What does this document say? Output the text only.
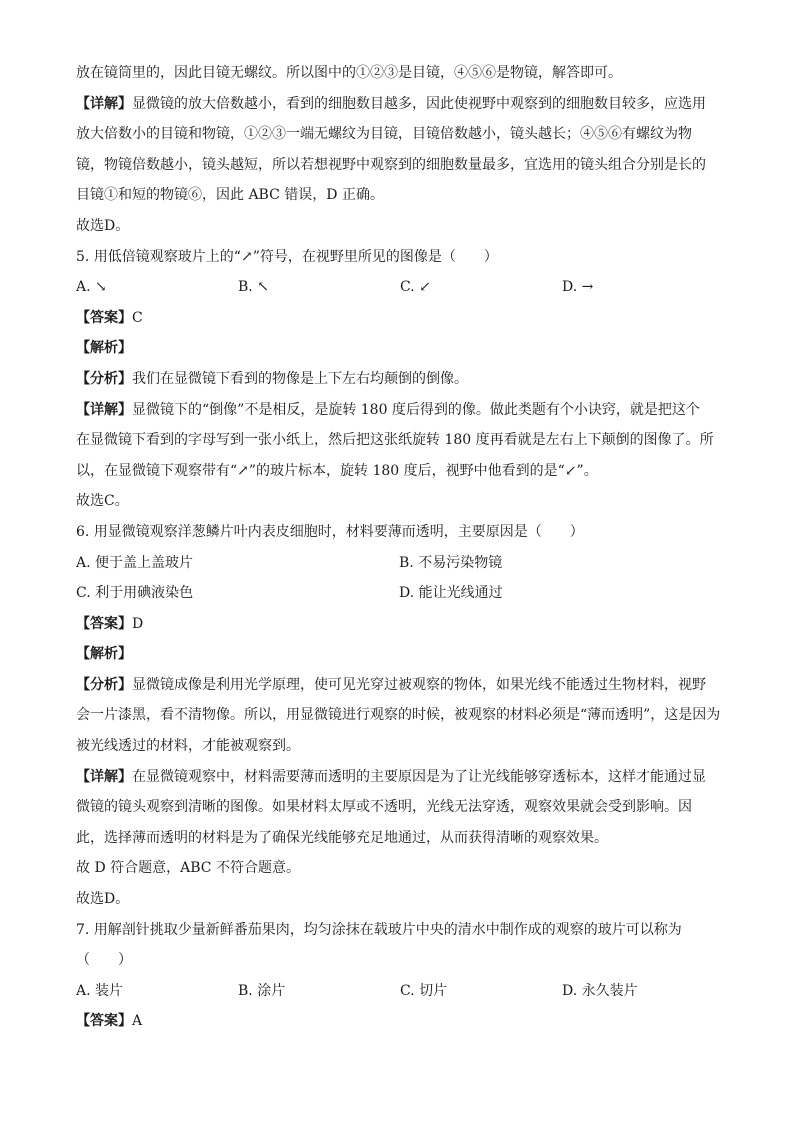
放在镜筒里的，因此目镜无螺纹。所以图中的①②③是目镜，④⑤⑥是物镜，解答即可。
【详解】显微镜的放大倍数越小，看到的细胞数目越多，因此使视野中观察到的细胞数目较多，应选用
放大倍数小的目镜和物镜，①②③一端无螺纹为目镜，目镜倍数越小，镜头越长；④⑤⑥有螺纹为物
镜，物镜倍数越小，镜头越短，所以若想视野中观察到的细胞数量最多，宜选用的镜头组合分别是长的
目镜①和短的物镜⑥，因此 ABC 错误，D 正确。
故选D。
5. 用低倍镜观察玻片上的“↗”符号，在视野里所见的图像是（　　）
A. ↘	B. ↖	C. ↙	D. →
【答案】C
【解析】
【分析】我们在显微镜下看到的物像是上下左右均颠倒的倒像。
【详解】显微镜下的“倒像”不是相反，是旋转 180 度后得到的像。做此类题有个小诀窍，就是把这个
在显微镜下看到的字母写到一张小纸上，然后把这张纸旋转 180 度再看就是左右上下颠倒的图像了。所
以，在显微镜下观察带有“↗”的玻片标本，旋转 180 度后，视野中他看到的是“↙”。
故选C。
6. 用显微镜观察洋葱鳞片叶内表皮细胞时，材料要薄而透明，主要原因是（　　）
A. 便于盖上盖玻片	B. 不易污染物镜
C. 利于用碘液染色	D. 能让光线通过
【答案】D
【解析】
【分析】显微镜成像是利用光学原理，使可见光穿过被观察的物体，如果光线不能透过生物材料，视野
会一片漆黑，看不清物像。所以，用显微镜进行观察的时候，被观察的材料必须是“薄而透明”，这是因为
被光线透过的材料，才能被观察到。
【详解】在显微镜观察中，材料需要薄而透明的主要原因是为了让光线能够穿透标本，这样才能通过显
微镜的镜头观察到清晰的图像。如果材料太厚或不透明，光线无法穿透，观察效果就会受到影响。因
此，选择薄而透明的材料是为了确保光线能够充足地通过，从而获得清晰的观察效果。
故 D 符合题意，ABC 不符合题意。
故选D。
7. 用解剖针挑取少量新鲜番茄果肉，均匀涂抹在载玻片中央的清水中制作成的观察的玻片可以称为
（　　）
A. 装片	B. 涂片	C. 切片	D. 永久装片
【答案】A
